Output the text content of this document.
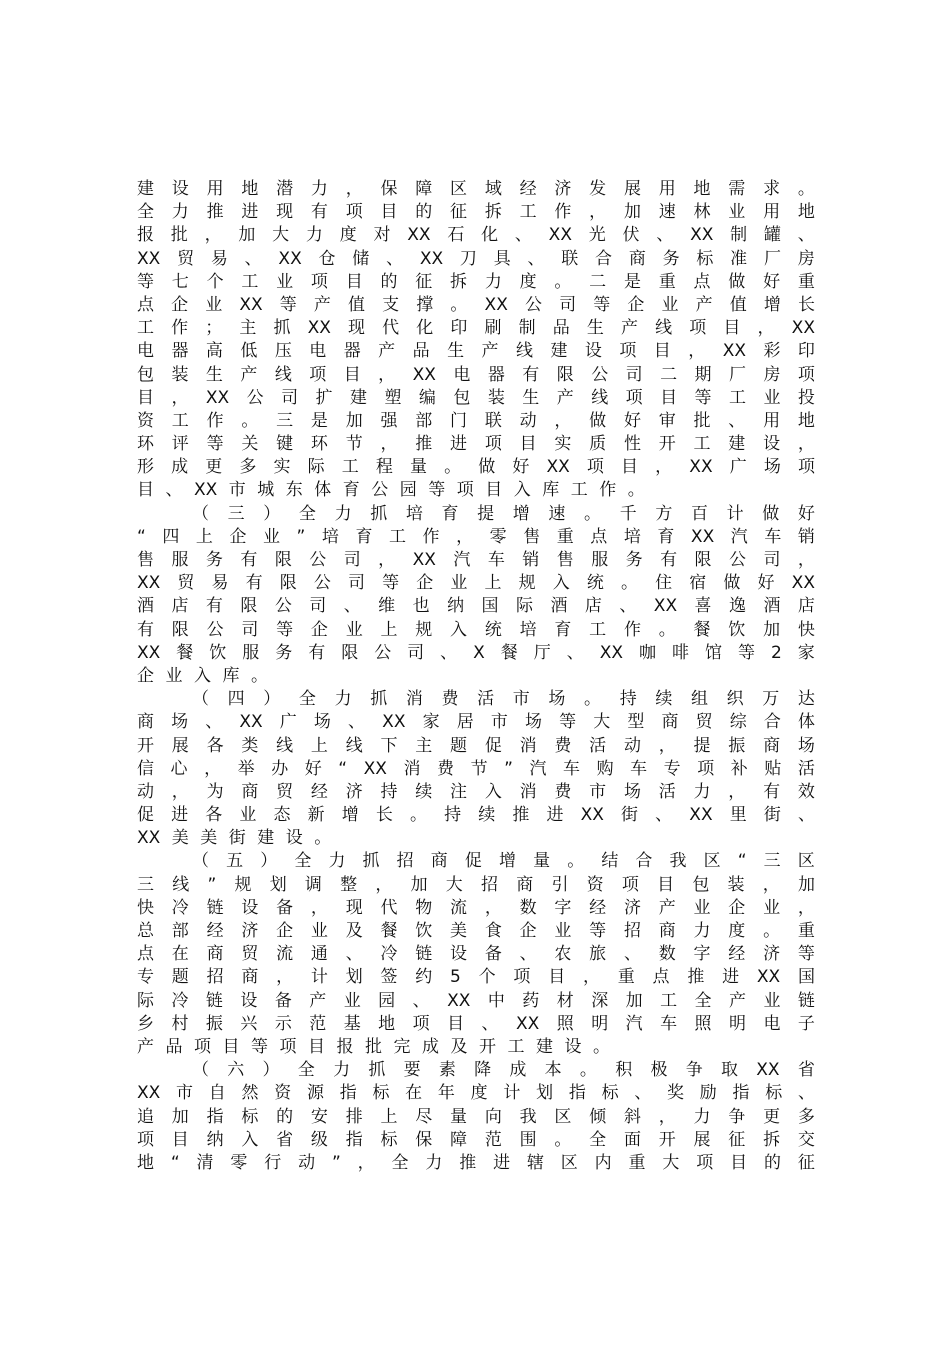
建 设 用 地 潜 力 ， 保 障 区 域 经 济 发 展 用 地 需 求 。
全 力 推 进 现 有 项 目 的 征 拆 工 作 ， 加 速 林 业 用 地
报 批 ， 加 大 力 度 对 XX 石 化 、 XX 光 伏 、 XX 制 罐 、
XX 贸 易 、 XX 仓 储 、 XX 刀 具 、 联 合 商 务 标 准 厂 房
等 七 个 工 业 项 目 的 征 拆 力 度 。 二 是 重 点 做 好 重
点 企 业 XX 等 产 值 支 撑 。 XX 公 司 等 企 业 产 值 增 长
工 作 ； 主 抓 XX 现 代 化 印 刷 制 品 生 产 线 项 目 ， XX
电 器 高 低 压 电 器 产 品 生 产 线 建 设 项 目 ， XX 彩 印
包 装 生 产 线 项 目 ， XX 电 器 有 限 公 司 二 期 厂 房 项
目 ， XX 公 司 扩 建 塑 编 包 装 生 产 线 项 目 等 工 业 投
资 工 作 。 三 是 加 强 部 门 联 动 ， 做 好 审 批 、 用 地
环 评 等 关 键 环 节 ， 推 进 项 目 实 质 性 开 工 建 设 ，
形 成 更 多 实 际 工 程 量 。 做 好 XX 项 目 ， XX 广 场 项
目 、 XX 市 城 东 体 育 公 园 等 项 目 入 库 工 作 。
（ 三 ） 全 力 抓 培 育 提 增 速 。 千 方 百 计 做 好
“ 四 上 企 业 ” 培 育 工 作 ， 零 售 重 点 培 育 XX 汽 车 销
售 服 务 有 限 公 司 ， XX 汽 车 销 售 服 务 有 限 公 司 ，
XX 贸 易 有 限 公 司 等 企 业 上 规 入 统 。 住 宿 做 好 XX
酒 店 有 限 公 司 、 维 也 纳 国 际 酒 店 、 XX 喜 逸 酒 店
有 限 公 司 等 企 业 上 规 入 统 培 育 工 作 。 餐 饮 加 快
XX 餐 饮 服 务 有 限 公 司 、 X 餐 厅 、 XX 咖 啡 馆 等 2 家
企 业 入 库 。
（ 四 ） 全 力 抓 消 费 活 市 场 。 持 续 组 织 万 达
商 场 、 XX 广 场 、 XX 家 居 市 场 等 大 型 商 贸 综 合 体
开 展 各 类 线 上 线 下 主 题 促 消 费 活 动 ， 提 振 商 场
信 心 ， 举 办 好 “ XX 消 费 节 ” 汽 车 购 车 专 项 补 贴 活
动 ， 为 商 贸 经 济 持 续 注 入 消 费 市 场 活 力 ， 有 效
促 进 各 业 态 新 增 长 。 持 续 推 进 XX 街 、 XX 里 街 、
XX 美 美 街 建 设 。
（ 五 ） 全 力 抓 招 商 促 增 量 。 结 合 我 区 “ 三 区
三 线 ” 规 划 调 整 ， 加 大 招 商 引 资 项 目 包 装 ， 加
快 冷 链 设 备 ， 现 代 物 流 ， 数 字 经 济 产 业 企 业 ，
总 部 经 济 企 业 及 餐 饮 美 食 企 业 等 招 商 力 度 。 重
点 在 商 贸 流 通 、 冷 链 设 备 、 农 旅 、 数 字 经 济 等
专 题 招 商 ， 计 划 签 约 5 个 项 目 ， 重 点 推 进 XX 国
际 冷 链 设 备 产 业 园 、 XX 中 药 材 深 加 工 全 产 业 链
乡 村 振 兴 示 范 基 地 项 目 、 XX 照 明 汽 车 照 明 电 子
产 品 项 目 等 项 目 报 批 完 成 及 开 工 建 设 。
（ 六 ） 全 力 抓 要 素 降 成 本 。 积 极 争 取 XX 省
XX 市 自 然 资 源 指 标 在 年 度 计 划 指 标 、 奖 励 指 标 、
追 加 指 标 的 安 排 上 尽 量 向 我 区 倾 斜 ， 力 争 更 多
项 目 纳 入 省 级 指 标 保 障 范 围 。 全 面 开 展 征 拆 交
地 “ 清 零 行 动 ” ， 全 力 推 进 辖 区 内 重 大 项 目 的 征
